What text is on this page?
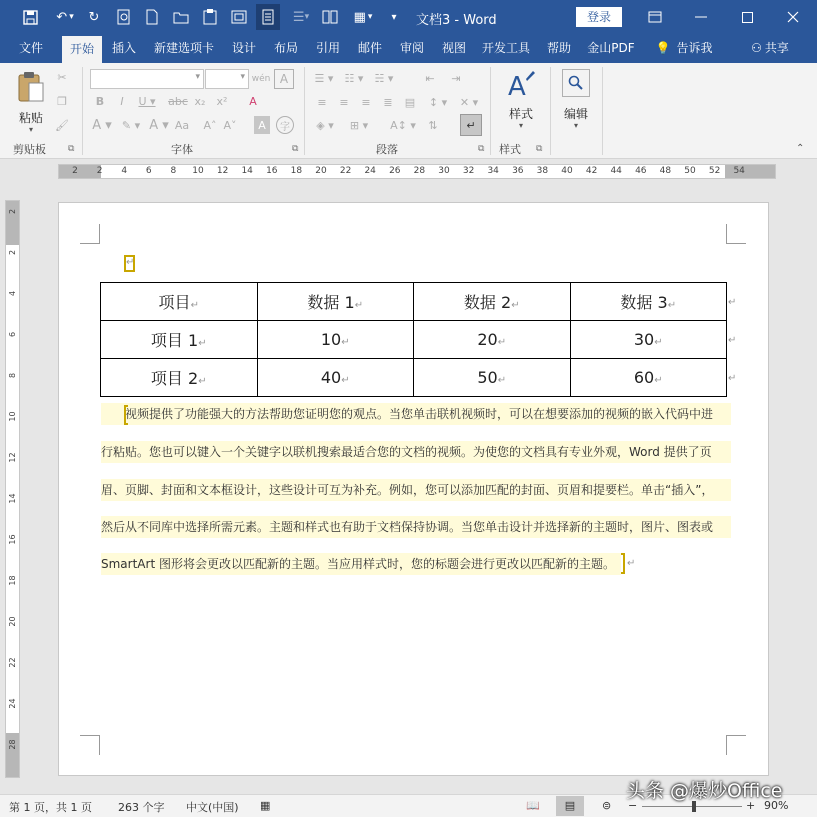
↶ ▾	↻	☰ ▾	▦ ▾	▾ 文档3 - Word	登录
文件	开始	插入	新建选项卡	设计	布局	引用	邮件	审阅	视图	开发工具	帮助	金山PDF	💡 告诉我	⚇ 共享
粘贴
▾
✂
❐
🖌
剪贴板 ⧉
▾	▾ wén A
B	I	U ▾ abc x₂ x²	A
A ▾ ✎ ▾ A ▾ Aa A˄ A˅	A	字
字体	⧉
☰ ▾ ☷ ▾ ☵ ▾	⇤	⇥
≡	≡	≡	≣	▤	↕ ▾	✕ ▾
◈ ▾	⊞ ▾	A↕ ▾	⇅	↵
段落	⧉
A
样式
▾
样式 ⧉
编辑
▾
⌃
2	2	4	6	8	10	12	14	16	18	20	22	24	26	28	30	32	34	36	38	40	42	44	46	48	50	52	54
2
2
4
6
8
10
12
14
16
18
20
22
24
28
↵
项目↵	数据 1↵	数据 2↵	数据 3↵
项目 1↵	10↵	20↵	30↵
项目 2↵	40↵	50↵	60↵
↵
↵
↵
视频提供了功能强大的方法帮助您证明您的观点。当您单击联机视频时，可以在想要添加的视频的嵌入代码中进
行粘贴。您也可以键入一个关键字以联机搜索最适合您的文档的视频。为使您的文档具有专业外观，Word 提供了页
眉、页脚、封面和文本框设计，这些设计可互为补充。例如，您可以添加匹配的封面、页眉和提要栏。单击“插入”，
然后从不同库中选择所需元素。主题和样式也有助于文档保持协调。当您单击设计并选择新的主题时，图片、图表或
SmartArt 图形将会更改以匹配新的主题。当应用样式时，您的标题会进行更改以匹配新的主题。	↵
第 1 页，共 1 页 263 个字 中文(中国) ▦	📖	▤	⊜ −	+ 90%
头条 @爆炒Office
